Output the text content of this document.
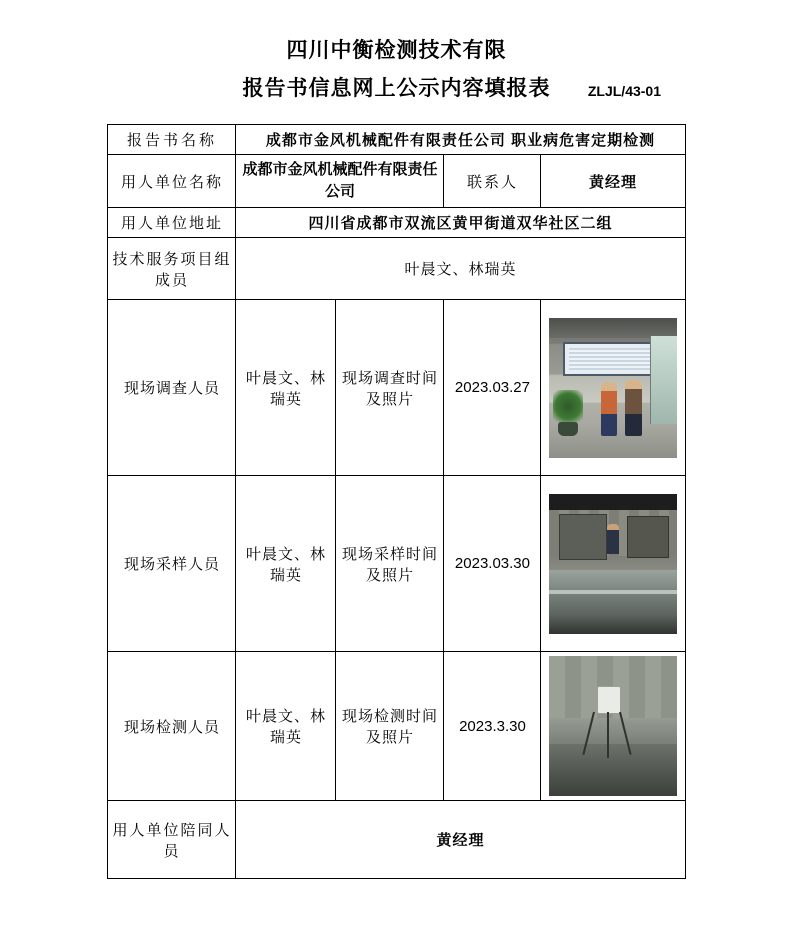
四川中衡检测技术有限
报告书信息网上公示内容填报表	ZLJL/43-01
报告书名称	成都市金风机械配件有限责任公司 职业病危害定期检测			
用人单位名称	成都市金风机械配件有限责任公司		联系人	黄经理
用人单位地址	四川省成都市双流区黄甲街道双华社区二组			
技术服务项目组成员	叶晨文、林瑞英			
现场调查人员	叶晨文、林瑞英	现场调查时间及照片	2023.03.27	

现场采样人员	叶晨文、林瑞英	现场采样时间及照片	2023.03.30	

现场检测人员	叶晨文、林瑞英	现场检测时间及照片	2023.3.30	

用人单位陪同人员	黄经理			
